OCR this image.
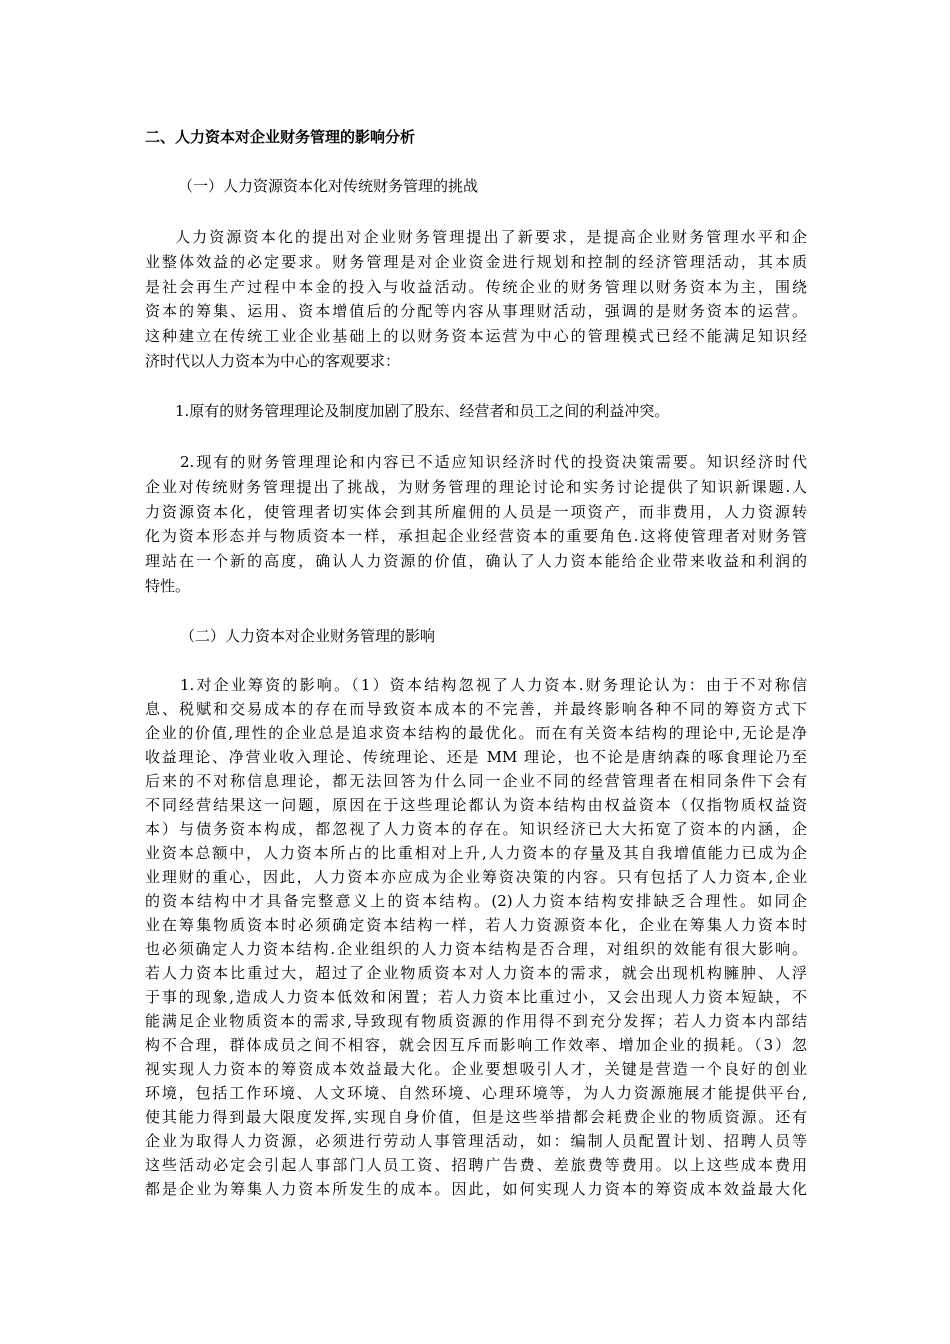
二、人力资本对企业财务管理的影响分析
（一）人力资源资本化对传统财务管理的挑战
人力资源资本化的提出对企业财务管理提出了新要求，是提高企业财务管理水平和企
业整体效益的必定要求。财务管理是对企业资金进行规划和控制的经济管理活动，其本质
是社会再生产过程中本金的投入与收益活动。传统企业的财务管理以财务资本为主，围绕
资本的筹集、运用、资本增值后的分配等内容从事理财活动，强调的是财务资本的运营。
这种建立在传统工业企业基础上的以财务资本运营为中心的管理模式已经不能满足知识经
济时代以人力资本为中心的客观要求：
1.原有的财务管理理论及制度加剧了股东、经营者和员工之间的利益冲突。
2.现有的财务管理理论和内容已不适应知识经济时代的投资决策需要。知识经济时代
企业对传统财务管理提出了挑战，为财务管理的理论讨论和实务讨论提供了知识新课题.人
力资源资本化，使管理者切实体会到其所雇佣的人员是一项资产，而非费用，人力资源转
化为资本形态并与物质资本一样，承担起企业经营资本的重要角色.这将使管理者对财务管
理站在一个新的高度，确认人力资源的价值，确认了人力资本能给企业带来收益和利润的
特性。
（二）人力资本对企业财务管理的影响
1.对企业筹资的影响。（1）资本结构忽视了人力资本.财务理论认为：由于不对称信
息、税赋和交易成本的存在而导致资本成本的不完善，并最终影响各种不同的筹资方式下
企业的价值,理性的企业总是追求资本结构的最优化。而在有关资本结构的理论中,无论是净
收益理论、净营业收入理论、传统理论、还是 MM 理论，也不论是唐纳森的啄食理论乃至
后来的不对称信息理论，都无法回答为什么同一企业不同的经营管理者在相同条件下会有
不同经营结果这一问题，原因在于这些理论都认为资本结构由权益资本（仅指物质权益资
本）与债务资本构成，都忽视了人力资本的存在。知识经济已大大拓宽了资本的内涵，企
业资本总额中，人力资本所占的比重相对上升,人力资本的存量及其自我增值能力已成为企
业理财的重心，因此，人力资本亦应成为企业筹资决策的内容。只有包括了人力资本,企业
的资本结构中才具备完整意义上的资本结构。(2)人力资本结构安排缺乏合理性。如同企
业在筹集物质资本时必须确定资本结构一样，若人力资源资本化，企业在筹集人力资本时
也必须确定人力资本结构.企业组织的人力资本结构是否合理，对组织的效能有很大影响。
若人力资本比重过大，超过了企业物质资本对人力资本的需求，就会出现机构臃肿、人浮
于事的现象,造成人力资本低效和闲置；若人力资本比重过小，又会出现人力资本短缺，不
能满足企业物质资本的需求,导致现有物质资源的作用得不到充分发挥；若人力资本内部结
构不合理，群体成员之间不相容，就会因互斥而影响工作效率、增加企业的损耗。（3）忽
视实现人力资本的筹资成本效益最大化。企业要想吸引人才，关键是营造一个良好的创业
环境，包括工作环境、人文环境、自然环境、心理环境等，为人力资源施展才能提供平台,
使其能力得到最大限度发挥,实现自身价值，但是这些举措都会耗费企业的物质资源。还有
企业为取得人力资源，必须进行劳动人事管理活动，如：编制人员配置计划、招聘人员等
这些活动必定会引起人事部门人员工资、招聘广告费、差旅费等费用。以上这些成本费用
都是企业为筹集人力资本所发生的成本。因此，如何实现人力资本的筹资成本效益最大化
